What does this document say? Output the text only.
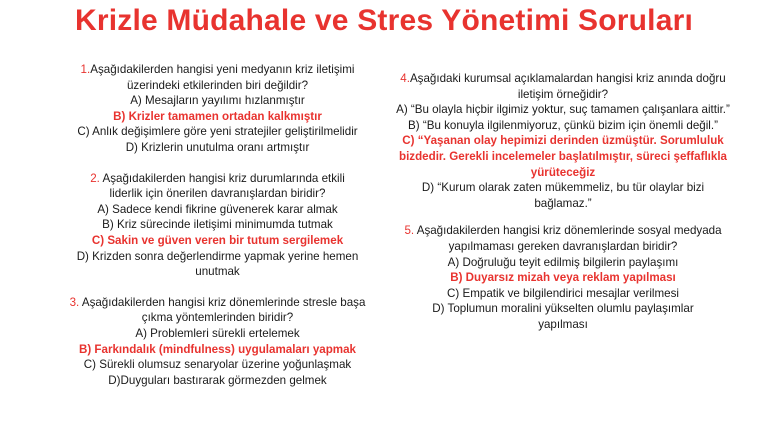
Krizle Müdahale ve Stres Yönetimi Soruları

1.Aşağıdakilerden hangisi yeni medyanın kriz iletişimi üzerindeki etkilerinden biri değildir?

A) Mesajların yayılımı hızlanmıştır

B) Krizler tamamen ortadan kalkmıştır

C) Anlık değişimlere göre yeni stratejiler geliştirilmelidir

D) Krizlerin unutulma oranı artmıştır

2. Aşağıdakilerden hangisi kriz durumlarında etkili liderlik için önerilen davranışlardan biridir?

A) Sadece kendi fikrine güvenerek karar almak

B) Kriz sürecinde iletişimi minimumda tutmak

C) Sakin ve güven veren bir tutum sergilemek

D) Krizden sonra değerlendirme yapmak yerine hemen unutmak

3. Aşağıdakilerden hangisi kriz dönemlerinde stresle başa çıkma yöntemlerinden biridir?

A) Problemleri sürekli ertelemek

B) Farkındalık (mindfulness) uygulamaları yapmak

C) Sürekli olumsuz senaryolar üzerine yoğunlaşmak

D)Duyguları bastırarak görmezden gelmek

4.Aşağıdaki kurumsal açıklamalardan hangisi kriz anında doğru iletişim örneğidir?

A) “Bu olayla hiçbir ilgimiz yoktur, suç tamamen çalışanlara aittir.”

B) “Bu konuyla ilgilenmiyoruz, çünkü bizim için önemli değil.”

C) “Yaşanan olay hepimizi derinden üzmüştür. Sorumluluk bizdedir. Gerekli incelemeler başlatılmıştır, süreci şeffaflıkla yürüteceğiz

D) “Kurum olarak zaten mükemmeliz, bu tür olaylar bizi bağlamaz.”

5. Aşağıdakilerden hangisi kriz dönemlerinde sosyal medyada yapılmaması gereken davranışlardan biridir?

A) Doğruluğu teyit edilmiş bilgilerin paylaşımı

B) Duyarsız mizah veya reklam yapılması

C) Empatik ve bilgilendirici mesajlar verilmesi

D) Toplumun moralini yükselten olumlu paylaşımlar yapılması
